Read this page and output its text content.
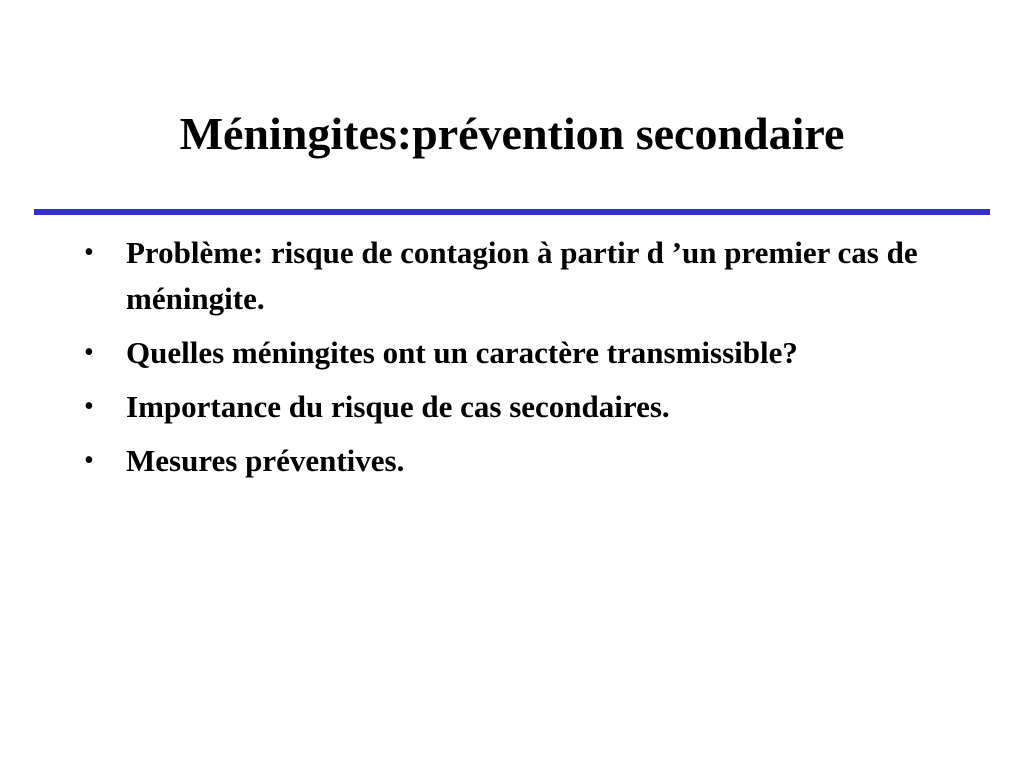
Méningites:prévention secondaire
• Problème: risque de contagion à partir d ’un premier cas de méningite.
• Quelles méningites ont un caractère transmissible?
• Importance du risque de cas secondaires.
• Mesures préventives.
